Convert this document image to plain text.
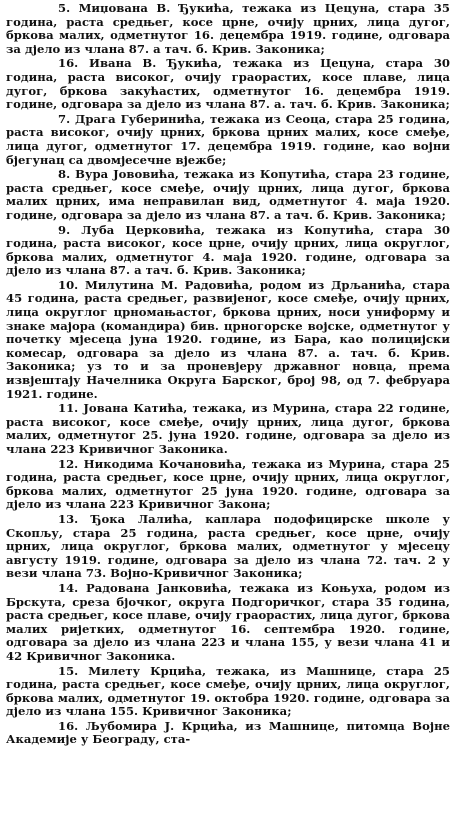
5. Миџована В. Ђукића, тежака из Цецуна, стара 35 година, раста средњег, косе црне, очију црних, лица дугог, бркова малих, одметнутог 16. децембра 1919. године, одговара за дјело из члана 87. а тач. б. Крив. Законика;

16. Ивана В. Ђукића, тежака из Цецуна, стара 30 година, раста високог, очију граорастих, косе плаве, лица дугог, бркова закућастих, одметнутог 16. децембра 1919. године, одговара за дјело из члана 87. а. тач. б. Крив. Законика;

7. Драга Губеринића, тежака из Сеоца, стара 25 година, раста високог, очију црних, бркова црних малих, косе смеђе, лица дугог, одметнутог 17. децембра 1919. године, као војни бјегунац са двомјесечне вјежбе;

8. Вура Јововића, тежака из Копутића, стара 23 године, раста средњег, косе смеђе, очију црних, лица дугог, бркова малих црних, има неправилан вид, одметнутог 4. маја 1920. године, одговара за дјело из члана 87. а тач. б. Крив. Законика;

9. Луба Церковића, тежака из Копутића, стара 30 година, раста високог, косе црне, очију црних, лица округлог, бркова малих, одметнутог 4. маја 1920. године, одговара за дјело из члана 87. а тач. б. Крив. Законика;

10. Милутина М. Радовића, родом из Дрљанића, стара 45 година, раста средњег, развијеног, косе смеђе, очију црних, лица округлог црномањастог, бркова црних, носи униформу и знаке мајора (командира) бив. црногорске војске, одметнутог у почетку мјесеца јуна 1920. године, из Бара, као полицијски комесар, одговара за дјело из члана 87. а. тач. б. Крив. Законика; уз то и за проневјеру државног новца, према извјештају Начелника Округа Барског, број 98, од 7. фебруара 1921. године.

11. Јована Катића, тежака, из Мурина, стара 22 године, раста високог, косе смеђе, очију црних, лица дугог, бркова малих, одметнутог 25. јуна 1920. године, одговара за дјело из члана 223 Кривичног Законика.

12. Никодима Кочановића, тежака из Мурина, стара 25 година, раста средњег, косе црне, очију црних, лица округлог, бркова малих, одметнутог 25 јуна 1920. године, одговара за дјело из члана 223 Кривичног Закона;

13. Ђока Лалића, каплара подофицирске школе у Скопљу, стара 25 година, раста средњег, косе црне, очију црних, лица округлог, бркова малих, одметнутог у мјесецу августу 1919. године, одговара за дјело из члана 72. тач. 2 у вези члана 73. Војно-Кривичног Законика;

14. Радована Јанковића, тежака из Коњуха, родом из Брскута, среза бјочког, округа Подгоричког, стара 35 година, раста средњег, косе плаве, очију граорастих, лица дугог, бркова малих ријетких, одметнутог 16. септембра 1920. године, одговара за дјело из члана 223 и члана 155, у вези члана 41 и 42 Кривичног Законика.

15. Милету Крцића, тежака, из Машнице, стара 25 година, раста средњег, косе смеђе, очију црних, лица округлог, бркова малих, одметнутог 19. октобра 1920. године, одговара за дјело из члана 155. Кривичног Законика;

16. Љубомира Ј. Крцића, из Машнице, питомца Војне Академије у Београду, ста-
